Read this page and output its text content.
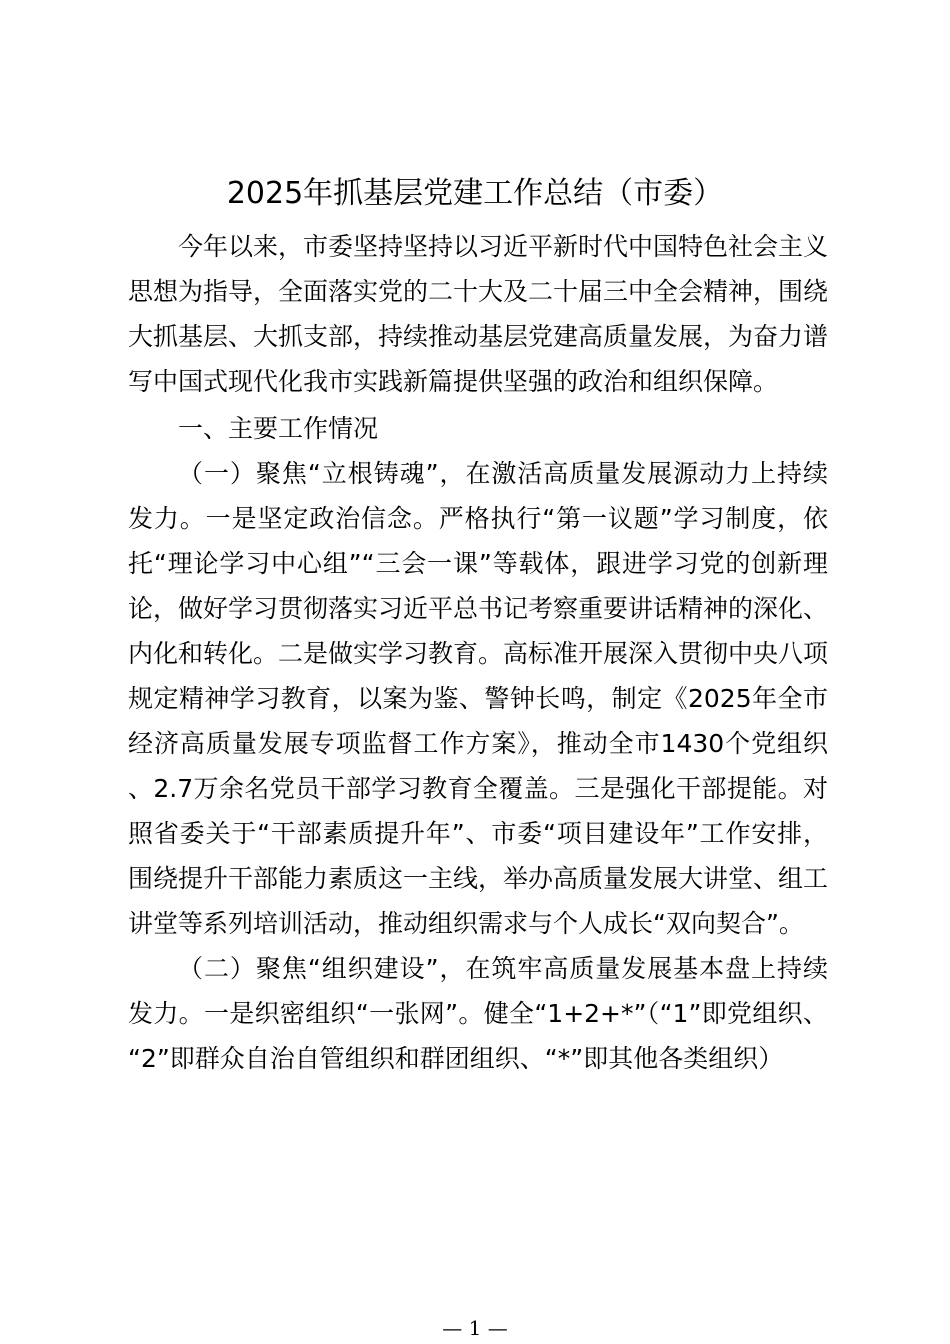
2025年抓基层党建工作总结（市委）

今年以来，市委坚持坚持以习近平新时代中国特色社会主义思想为指导，全面落实党的二十大及二十届三中全会精神，围绕大抓基层、大抓支部，持续推动基层党建高质量发展，为奋力谱写中国式现代化我市实践新篇提供坚强的政治和组织保障。

一、主要工作情况

（一）聚焦“立根铸魂”，在激活高质量发展源动力上持续发力。一是坚定政治信念。严格执行“第一议题”学习制度，依托“理论学习中心组”“三会一课”等载体，跟进学习党的创新理论，做好学习贯彻落实习近平总书记考察重要讲话精神的深化、内化和转化。二是做实学习教育。高标准开展深入贯彻中央八项规定精神学习教育，以案为鉴、警钟长鸣，制定《2025年全市经济高质量发展专项监督工作方案》，推动全市1430个党组织、2.7万余名党员干部学习教育全覆盖。三是强化干部提能。对照省委关于“干部素质提升年”、市委“项目建设年”工作安排，围绕提升干部能力素质这一主线，举办高质量发展大讲堂、组工讲堂等系列培训活动，推动组织需求与个人成长“双向契合”。

（二）聚焦“组织建设”，在筑牢高质量发展基本盘上持续发力。一是织密组织“一张网”。健全“1+2+*”（“1”即党组织、“2”即群众自治自管组织和群团组织、“*”即其他各类组织）

— 1 —
